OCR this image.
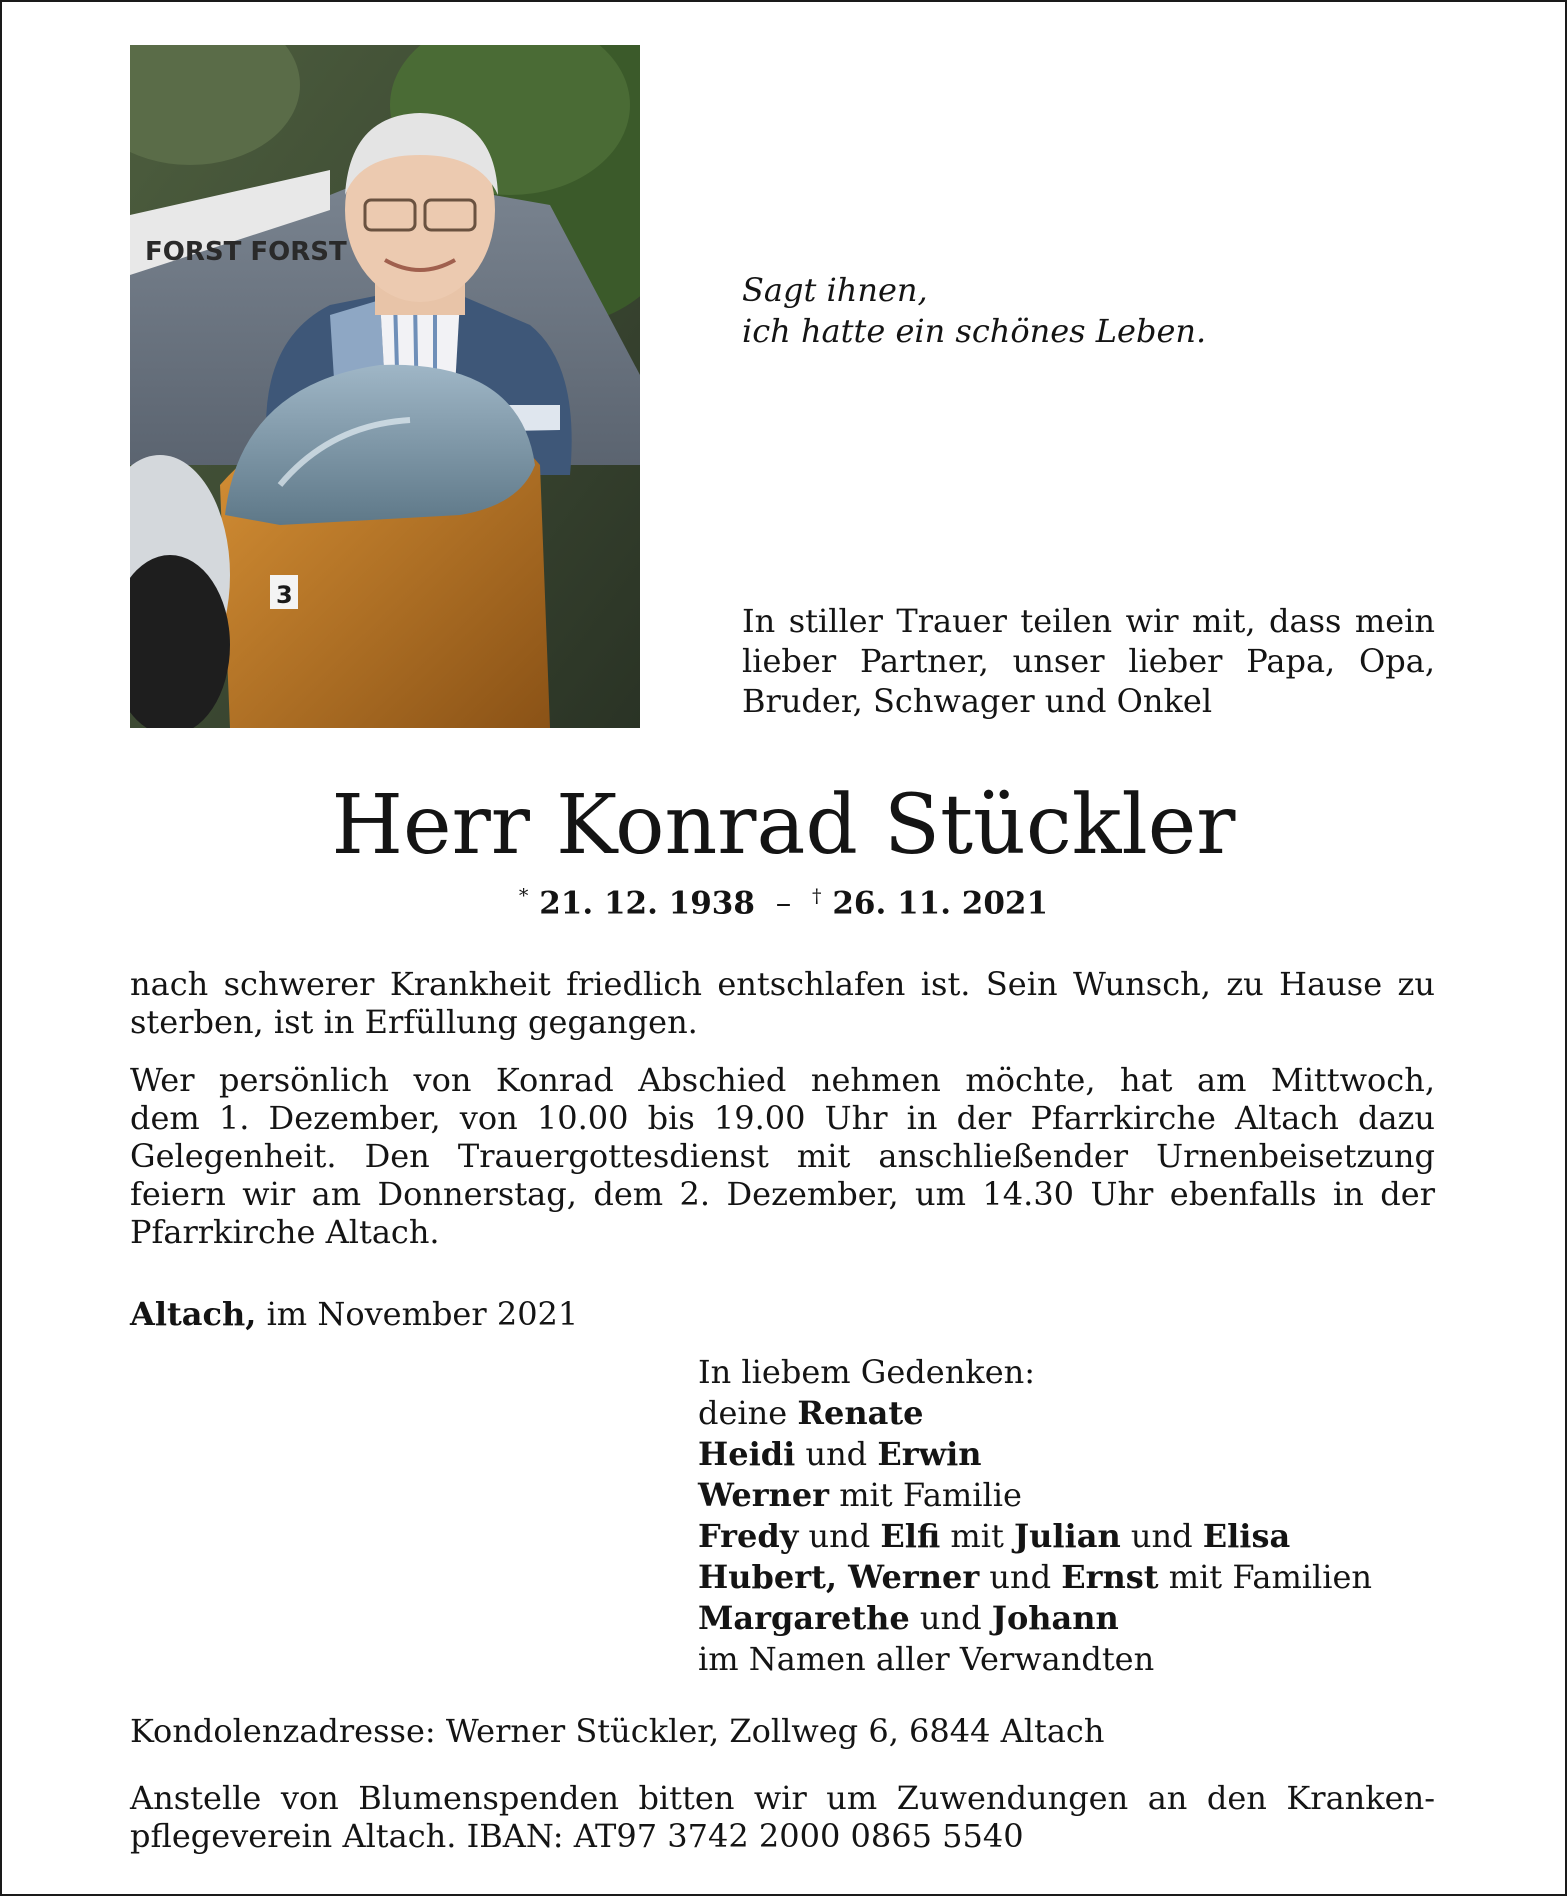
FORST FORST
3
Sagt ihnen,
ich hatte ein schönes Leben.
In stiller Trauer teilen wir mit, dass mein
lieber Partner, unser lieber Papa, Opa,
Bruder, Schwager und Onkel
Herr Konrad Stückler
* 21. 12. 1938 – † 26. 11. 2021
nach schwerer Krankheit friedlich entschlafen ist. Sein Wunsch, zu Hause zu
sterben, ist in Erfüllung gegangen.
Wer persönlich von Konrad Abschied nehmen möchte, hat am Mittwoch,
dem 1. Dezember, von 10.00 bis 19.00 Uhr in der Pfarrkirche Altach dazu
Gelegenheit. Den Trauergottesdienst mit anschließender Urnenbeisetzung
feiern wir am Donnerstag, dem 2. Dezember, um 14.30 Uhr ebenfalls in der
Pfarrkirche Altach.
Altach, im November 2021
In liebem Gedenken:
deine Renate
Heidi und Erwin
Werner mit Familie
Fredy und Elfi mit Julian und Elisa
Hubert, Werner und Ernst mit Familien
Margarethe und Johann
im Namen aller Verwandten
Kondolenzadresse: Werner Stückler, Zollweg 6, 6844 Altach
Anstelle von Blumenspenden bitten wir um Zuwendungen an den Kranken-
pflegeverein Altach. IBAN: AT97 3742 2000 0865 5540
